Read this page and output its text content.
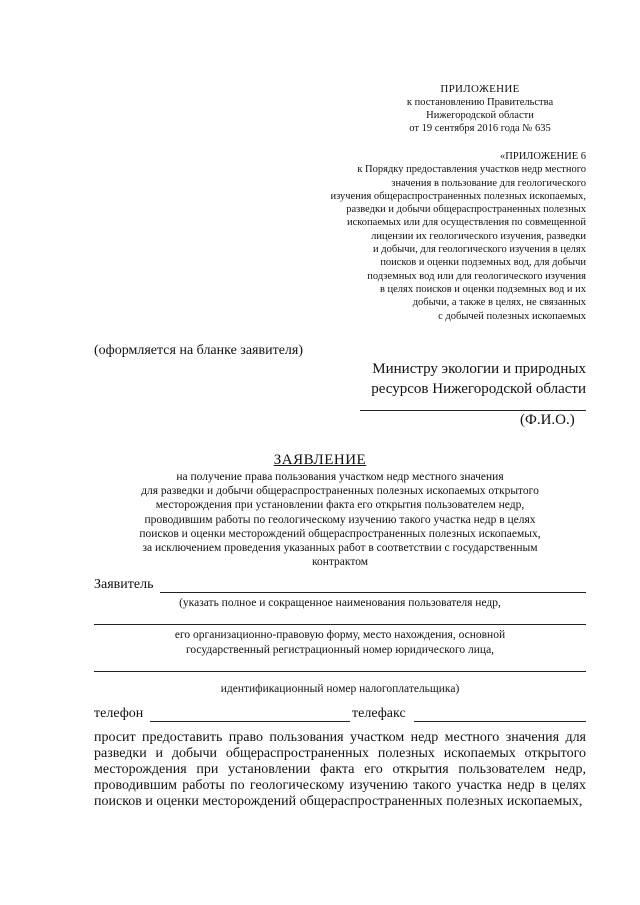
ПРИЛОЖЕНИЕ
к постановлению Правительства
Нижегородской области
от 19 сентября 2016 года № 635
«ПРИЛОЖЕНИЕ 6
к Порядку предоставления участков недр местного
значения в пользование для геологического
изучения общераспространенных полезных ископаемых,
разведки и добычи общераспространенных полезных
ископаемых или для осуществления по совмещенной
лицензии их геологического изучения, разведки
и добычи, для геологического изучения в целях
поисков и оценки подземных вод, для добычи
подземных вод или для геологического изучения
в целях поисков и оценки подземных вод и их
добычи, а также в целях, не связанных
с добычей полезных ископаемых
(оформляется на бланке заявителя)
Министру экологии и природных
ресурсов Нижегородской области
(Ф.И.О.)
ЗАЯВЛЕНИЕ
на получение права пользования участком недр местного значения
для разведки и добычи общераспространенных полезных ископаемых открытого
месторождения при установлении факта его открытия пользователем недр,
проводившим работы по геологическому изучению такого участка недр в целях
поисков и оценки месторождений общераспространенных полезных ископаемых,
за исключением проведения указанных работ в соответствии с государственным
контрактом
Заявитель
(указать полное и сокращенное наименования пользователя недр,
его организационно-правовую форму, место нахождения, основной
государственный регистрационный номер юридического лица,
идентификационный номер налогоплательщика)
телефон	телефакс
просит предоставить право пользования участком недр местного значения для разведки и добычи общераспространенных полезных ископаемых открытого месторождения при установлении факта его открытия пользователем недр, проводившим работы по геологическому изучению такого участка недр в целях поисков и оценки месторождений общераспространенных полезных ископаемых,
